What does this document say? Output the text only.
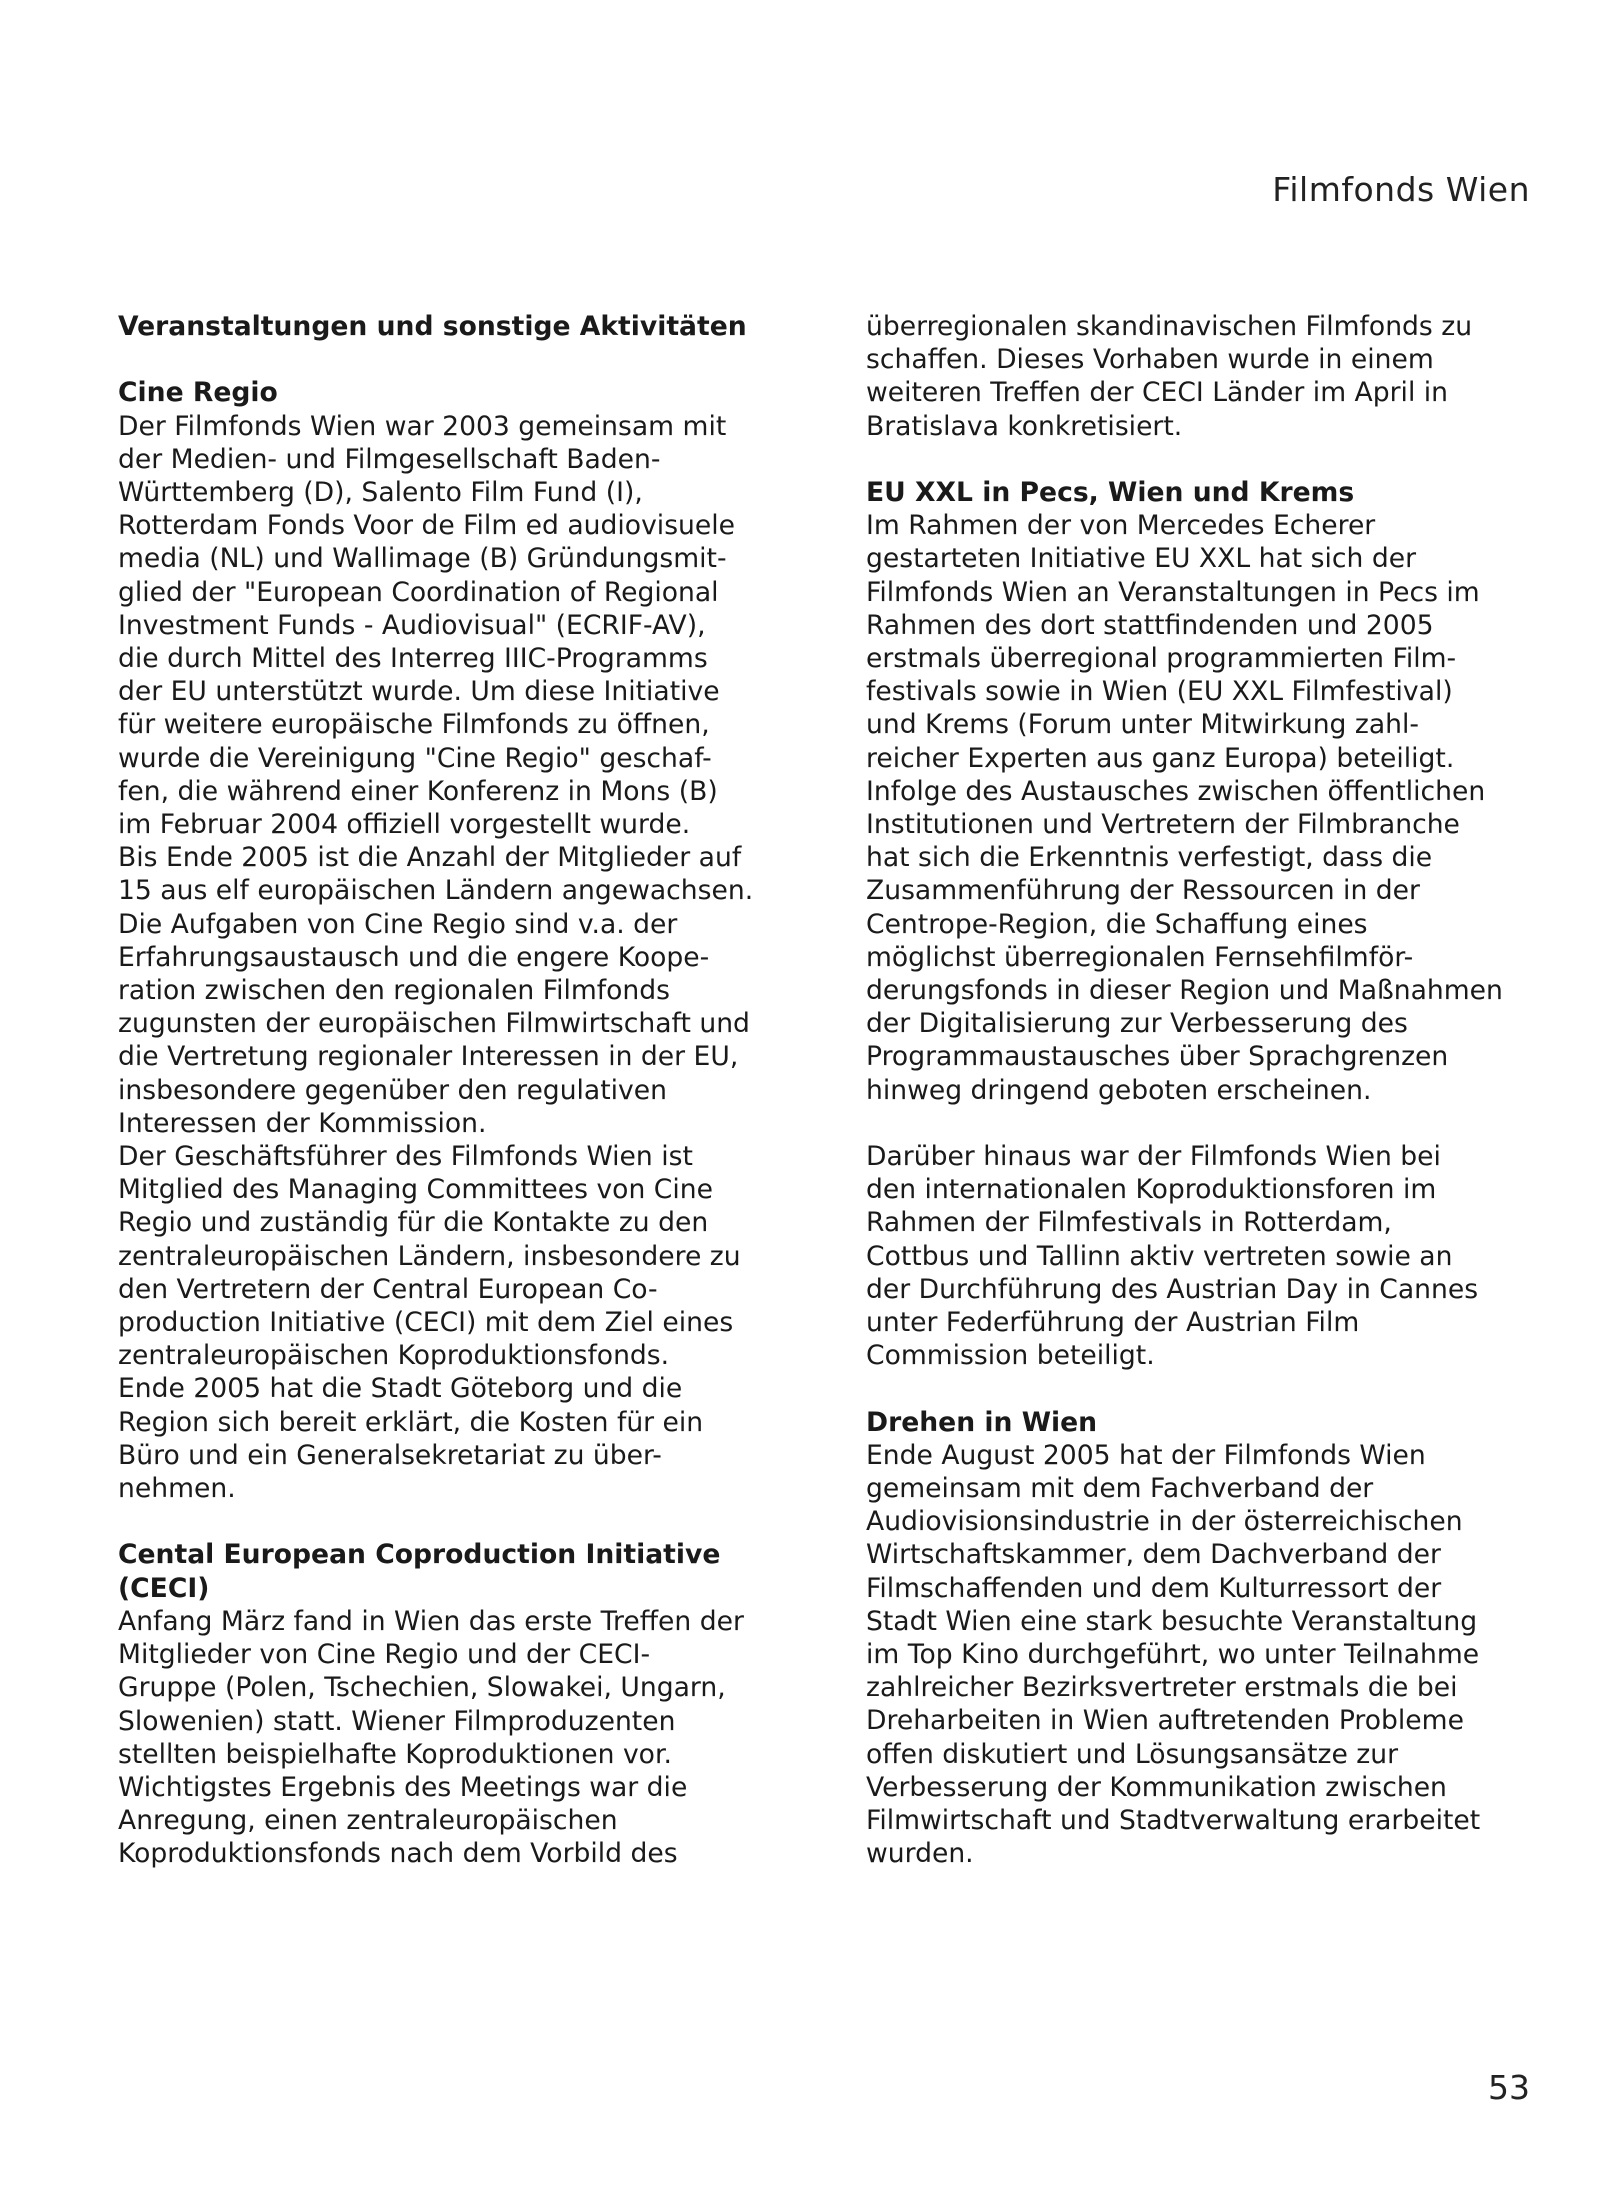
Filmfonds Wien
Veranstaltungen und sonstige Aktivitäten
Cine Regio

Der Filmfonds Wien war 2003 gemeinsam mit
der Medien- und Filmgesellschaft Baden-
Württemberg (D), Salento Film Fund (I),
Rotterdam Fonds Voor de Film ed audiovisuele
media (NL) und Wallimage (B) Gründungsmit-
glied der "European Coordination of Regional
Investment Funds - Audiovisual" (ECRIF-AV),
die durch Mittel des Interreg IIIC-Programms
der EU unterstützt wurde. Um diese Initiative
für weitere europäische Filmfonds zu öffnen,
wurde die Vereinigung "Cine Regio" geschaf-
fen, die während einer Konferenz in Mons (B)
im Februar 2004 offiziell vorgestellt wurde.

Bis Ende 2005 ist die Anzahl der Mitglieder auf
15 aus elf europäischen Ländern angewachsen.

Die Aufgaben von Cine Regio sind v.a. der
Erfahrungsaustausch und die engere Koope-
ration zwischen den regionalen Filmfonds
zugunsten der europäischen Filmwirtschaft und
die Vertretung regionaler Interessen in der EU,
insbesondere gegenüber den regulativen
Interessen der Kommission.

Der Geschäftsführer des Filmfonds Wien ist
Mitglied des Managing Committees von Cine
Regio und zuständig für die Kontakte zu den
zentraleuropäischen Ländern, insbesondere zu
den Vertretern der Central European Co-
production Initiative (CECI) mit dem Ziel eines
zentraleuropäischen Koproduktionsfonds.

Ende 2005 hat die Stadt Göteborg und die
Region sich bereit erklärt, die Kosten für ein
Büro und ein Generalsekretariat zu über-
nehmen.

Cental European Coproduction Initiative
(CECI)

Anfang März fand in Wien das erste Treffen der
Mitglieder von Cine Regio und der CECI-
Gruppe (Polen, Tschechien, Slowakei, Ungarn,
Slowenien) statt. Wiener Filmproduzenten
stellten beispielhafte Koproduktionen vor.
Wichtigstes Ergebnis des Meetings war die
Anregung, einen zentraleuropäischen
Koproduktionsfonds nach dem Vorbild des

überregionalen skandinavischen Filmfonds zu
schaffen. Dieses Vorhaben wurde in einem
weiteren Treffen der CECI Länder im April in
Bratislava konkretisiert.

EU XXL in Pecs, Wien und Krems

Im Rahmen der von Mercedes Echerer
gestarteten Initiative EU XXL hat sich der
Filmfonds Wien an Veranstaltungen in Pecs im
Rahmen des dort stattfindenden und 2005
erstmals überregional programmierten Film-
festivals sowie in Wien (EU XXL Filmfestival)
und Krems (Forum unter Mitwirkung zahl-
reicher Experten aus ganz Europa) beteiligt.
Infolge des Austausches zwischen öffentlichen
Institutionen und Vertretern der Filmbranche
hat sich die Erkenntnis verfestigt, dass die
Zusammenführung der Ressourcen in der
Centrope-Region, die Schaffung eines
möglichst überregionalen Fernsehfilmför-
derungsfonds in dieser Region und Maßnahmen
der Digitalisierung zur Verbesserung des
Programmaustausches über Sprachgrenzen
hinweg dringend geboten erscheinen.

Darüber hinaus war der Filmfonds Wien bei
den internationalen Koproduktionsforen im
Rahmen der Filmfestivals in Rotterdam,
Cottbus und Tallinn aktiv vertreten sowie an
der Durchführung des Austrian Day in Cannes
unter Federführung der Austrian Film
Commission beteiligt.

Drehen in Wien

Ende August 2005 hat der Filmfonds Wien
gemeinsam mit dem Fachverband der
Audiovisionsindustrie in der österreichischen
Wirtschaftskammer, dem Dachverband der
Filmschaffenden und dem Kulturressort der
Stadt Wien eine stark besuchte Veranstaltung
im Top Kino durchgeführt, wo unter Teilnahme
zahlreicher Bezirksvertreter erstmals die bei
Dreharbeiten in Wien auftretenden Probleme
offen diskutiert und Lösungsansätze zur
Verbesserung der Kommunikation zwischen
Filmwirtschaft und Stadtverwaltung erarbeitet
wurden.

53
